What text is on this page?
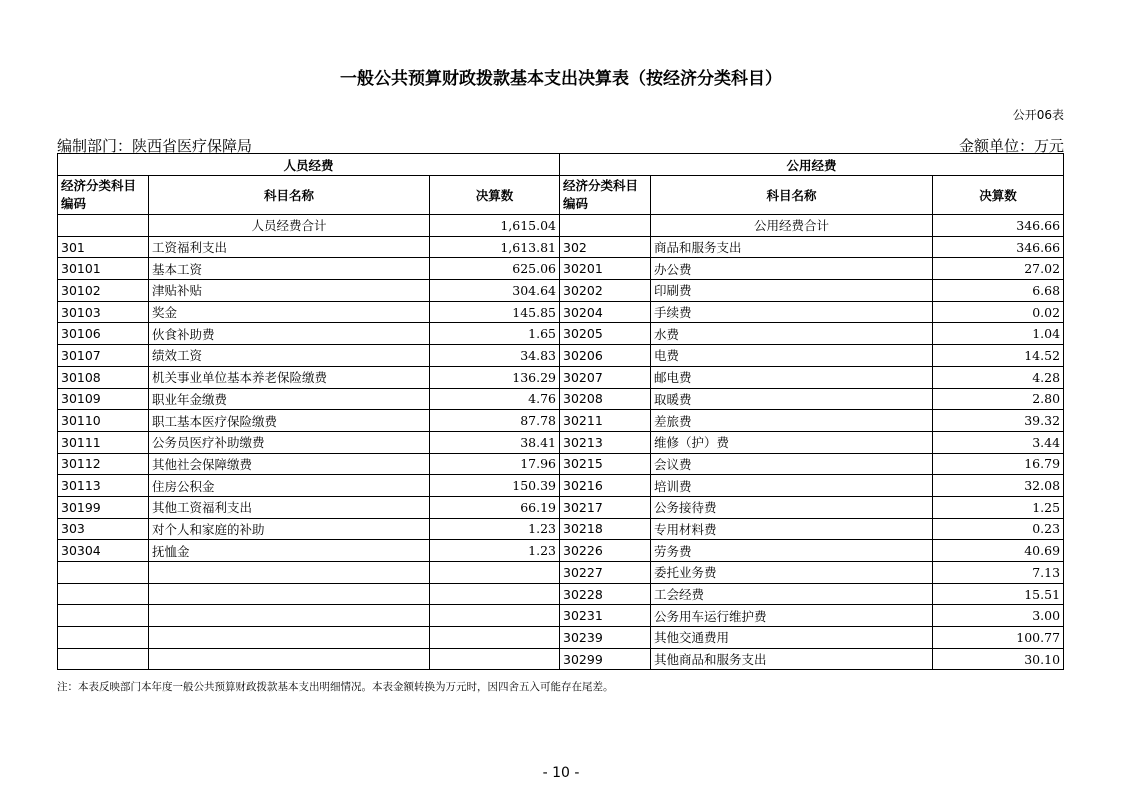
一般公共预算财政拨款基本支出决算表（按经济分类科目）
公开06表
编制部门：陕西省医疗保障局	金额单位：万元
人员经费			公用经费		
经济分类科目编码	科目名称	决算数	经济分类科目编码	科目名称	决算数
	人员经费合计	1,615.04		公用经费合计	346.66
301	工资福利支出	1,613.81	302	商品和服务支出	346.66
30101	基本工资	625.06	30201	办公费	27.02
30102	津贴补贴	304.64	30202	印刷费	6.68
30103	奖金	145.85	30204	手续费	0.02
30106	伙食补助费	1.65	30205	水费	1.04
30107	绩效工资	34.83	30206	电费	14.52
30108	机关事业单位基本养老保险缴费	136.29	30207	邮电费	4.28
30109	职业年金缴费	4.76	30208	取暖费	2.80
30110	职工基本医疗保险缴费	87.78	30211	差旅费	39.32
30111	公务员医疗补助缴费	38.41	30213	维修（护）费	3.44
30112	其他社会保障缴费	17.96	30215	会议费	16.79
30113	住房公积金	150.39	30216	培训费	32.08
30199	其他工资福利支出	66.19	30217	公务接待费	1.25
303	对个人和家庭的补助	1.23	30218	专用材料费	0.23
30304	抚恤金	1.23	30226	劳务费	40.69
			30227	委托业务费	7.13
			30228	工会经费	15.51
			30231	公务用车运行维护费	3.00
			30239	其他交通费用	100.77
			30299	其他商品和服务支出	30.10
注：本表反映部门本年度一般公共预算财政拨款基本支出明细情况。本表金额转换为万元时，因四舍五入可能存在尾差。
- 10 -
